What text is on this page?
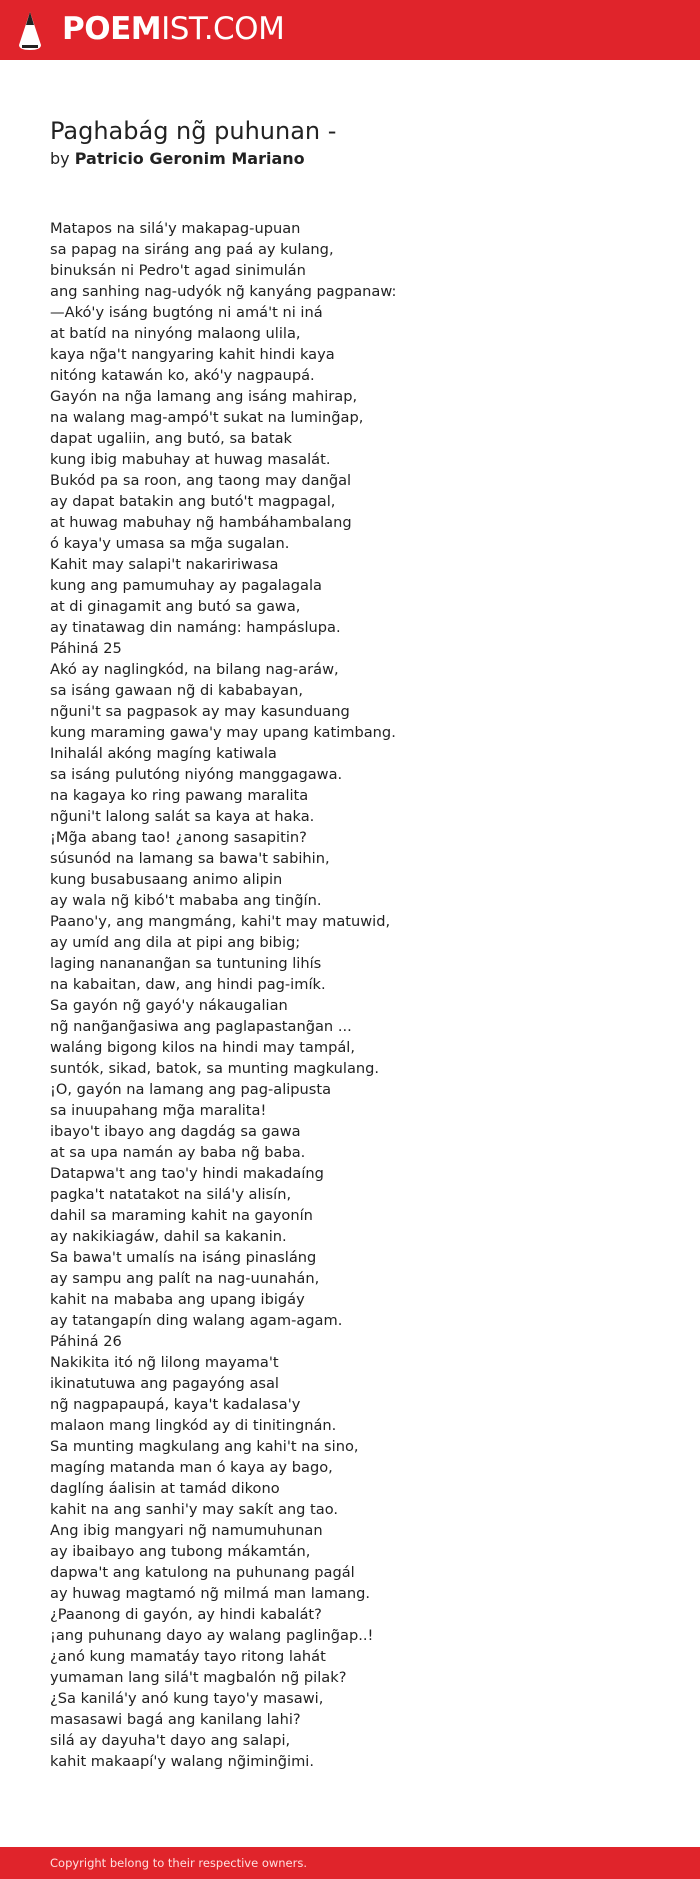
POEMIST.COM
Paghabág ng̃ puhunan -
by Patricio Geronim Mariano
Matapos na silá'y makapag-upuan
sa papag na siráng ang paá ay kulang,
binuksán ni Pedro't agad sinimulán
ang sanhing nag-udyók ng̃ kanyáng pagpanaw:
—Akó'y isáng bugtóng ni amá't ni iná
at batíd na ninyóng malaong ulila,
kaya ng̃a't nangyaring kahit hindi kaya
nitóng katawán ko, akó'y nagpaupá.
Gayón na ng̃a lamang ang isáng mahirap,
na walang mag-ampó't sukat na luming̃ap,
dapat ugaliin, ang butó, sa batak
kung ibig mabuhay at huwag masalát.
Bukód pa sa roon, ang taong may dang̃al
ay dapat batakin ang butó't magpagal,
at huwag mabuhay ng̃ hambáhambalang
ó kaya'y umasa sa mg̃a sugalan.
Kahit may salapi't nakaririwasa
kung ang pamumuhay ay pagalagala
at di ginagamit ang butó sa gawa,
ay tinatawag din namáng: hampáslupa.
Páhiná 25
Akó ay naglingkód, na bilang nag-aráw,
sa isáng gawaan ng̃ di kababayan,
ng̃uni't sa pagpasok ay may kasunduang
kung maraming gawa'y may upang katimbang.
Inihalál akóng magíng katiwala
sa isáng pulutóng niyóng manggagawa.
na kagaya ko ring pawang maralita
ng̃uni't lalong salát sa kaya at haka.
¡Mg̃a abang tao! ¿anong sasapitin?
súsunód na lamang sa bawa't sabihin,
kung busabusaang animo alipin
ay wala ng̃ kibó't mababa ang ting̃ín.
Paano'y, ang mangmáng, kahi't may matuwid,
ay umíd ang dila at pipi ang bibig;
laging nananang̃an sa tuntuning lihís
na kabaitan, daw, ang hindi pag-imík.
Sa gayón ng̃ gayó'y nákaugalian
ng̃ nang̃ang̃asiwa ang paglapastang̃an ...
waláng bigong kilos na hindi may tampál,
suntók, sikad, batok, sa munting magkulang.
¡O, gayón na lamang ang pag-alipusta
sa inuupahang mg̃a maralita!
ibayo't ibayo ang dagdág sa gawa
at sa upa namán ay baba ng̃ baba.
Datapwa't ang tao'y hindi makadaíng
pagka't natatakot na silá'y alisín,
dahil sa maraming kahit na gayonín
ay nakikiagáw, dahil sa kakanin.
Sa bawa't umalís na isáng pinasláng
ay sampu ang palít na nag-uunahán,
kahit na mababa ang upang ibigáy
ay tatangapín ding walang agam-agam.
Páhiná 26
Nakikita itó ng̃ lilong mayama't
ikinatutuwa ang pagayóng asal
ng̃ nagpapaupá, kaya't kadalasa'y
malaon mang lingkód ay di tinitingnán.
Sa munting magkulang ang kahi't na sino,
magíng matanda man ó kaya ay bago,
daglíng áalisin at tamád dikono
kahit na ang sanhi'y may sakít ang tao.
Ang ibig mangyari ng̃ namumuhunan
ay ibaibayo ang tubong mákamtán,
dapwa't ang katulong na puhunang pagál
ay huwag magtamó ng̃ milmá man lamang.
¿Paanong di gayón, ay hindi kabalát?
¡ang puhunang dayo ay walang pagling̃ap..!
¿anó kung mamatáy tayo ritong lahát
yumaman lang silá't magbalón ng̃ pilak?
¿Sa kanilá'y anó kung tayo'y masawi,
masasawi bagá ang kanilang lahi?
silá ay dayuha't dayo ang salapi,
kahit makaapí'y walang ng̃iming̃imi.
Copyright belong to their respective owners.
